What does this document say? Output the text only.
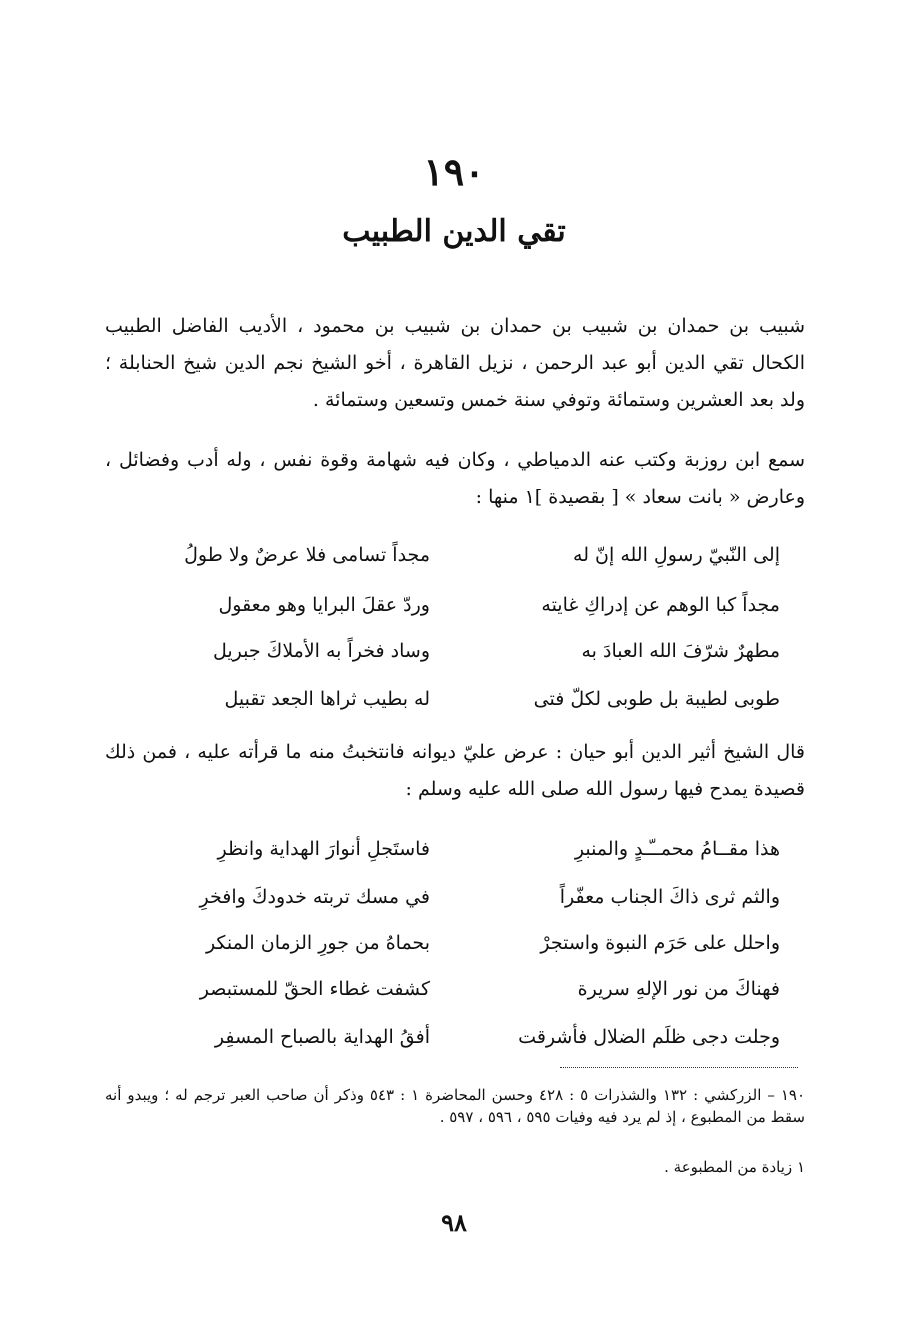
١٩٠
تقي الدين الطبيب
شبيب بن حمدان بن شبيب بن حمدان بن شبيب بن محمود ، الأديب الفاضل الطبيب الكحال تقي الدين أبو عبد الرحمن ، نزيل القاهرة ، أخو الشيخ نجم الدين شيخ الحنابلة ؛ ولد بعد العشرين وستمائة وتوفي سنة خمس وتسعين وستمائة .
سمع ابن روزبة وكتب عنه الدمياطي ، وكان فيه شهامة وقوة نفس ، وله أدب وفضائل ، وعارض « بانت سعاد » [ بقصيدة ]١ منها :
إلى النّبيّ رسولِ الله إنّ له
مجداً تسامى فلا عرضٌ ولا طولُ
مجداً كبا الوهم عن إدراكِ غايته
وردّ عقلَ البرايا وهو معقول
مطهرٌ شرّفَ الله العبادَ به
وساد فخراً به الأملاكَ جبريل
طوبى لطيبة بل طوبى لكلّ فتى
له بطيب ثراها الجعد تقبيل
قال الشيخ أثير الدين أبو حيان : عرض عليّ ديوانه فانتخبتُ منه ما قرأته عليه ، فمن ذلك قصيدة يمدح فيها رسول الله صلى الله عليه وسلم :
هذا مقــامُ محمــّـدٍ والمنبرِ
فاستَجلِ أنوارَ الهداية وانظرِ
والثم ثرى ذاكَ الجناب معفّراً
في مسك تربته خدودكَ وافخرِ
واحلل على حَرَم النبوة واستجرْ
بحماهُ من جورِ الزمان المنكر
فهناكَ من نور الإلهِ سريرة
كشفت غطاء الحقّ للمستبصر
وجلت دجى ظلَم الضلال فأشرقت
أفقُ الهداية بالصباح المسفِر
١٩٠ – الزركشي : ١٣٢ والشذرات ٥ : ٤٢٨ وحسن المحاضرة ١ : ٥٤٣ وذكر أن صاحب العبر ترجم له ؛ ويبدو أنه سقط من المطبوع ، إذ لم يرد فيه وفيات ٥٩٥ ، ٥٩٦ ، ٥٩٧ .
١ زيادة من المطبوعة .
٩٨
